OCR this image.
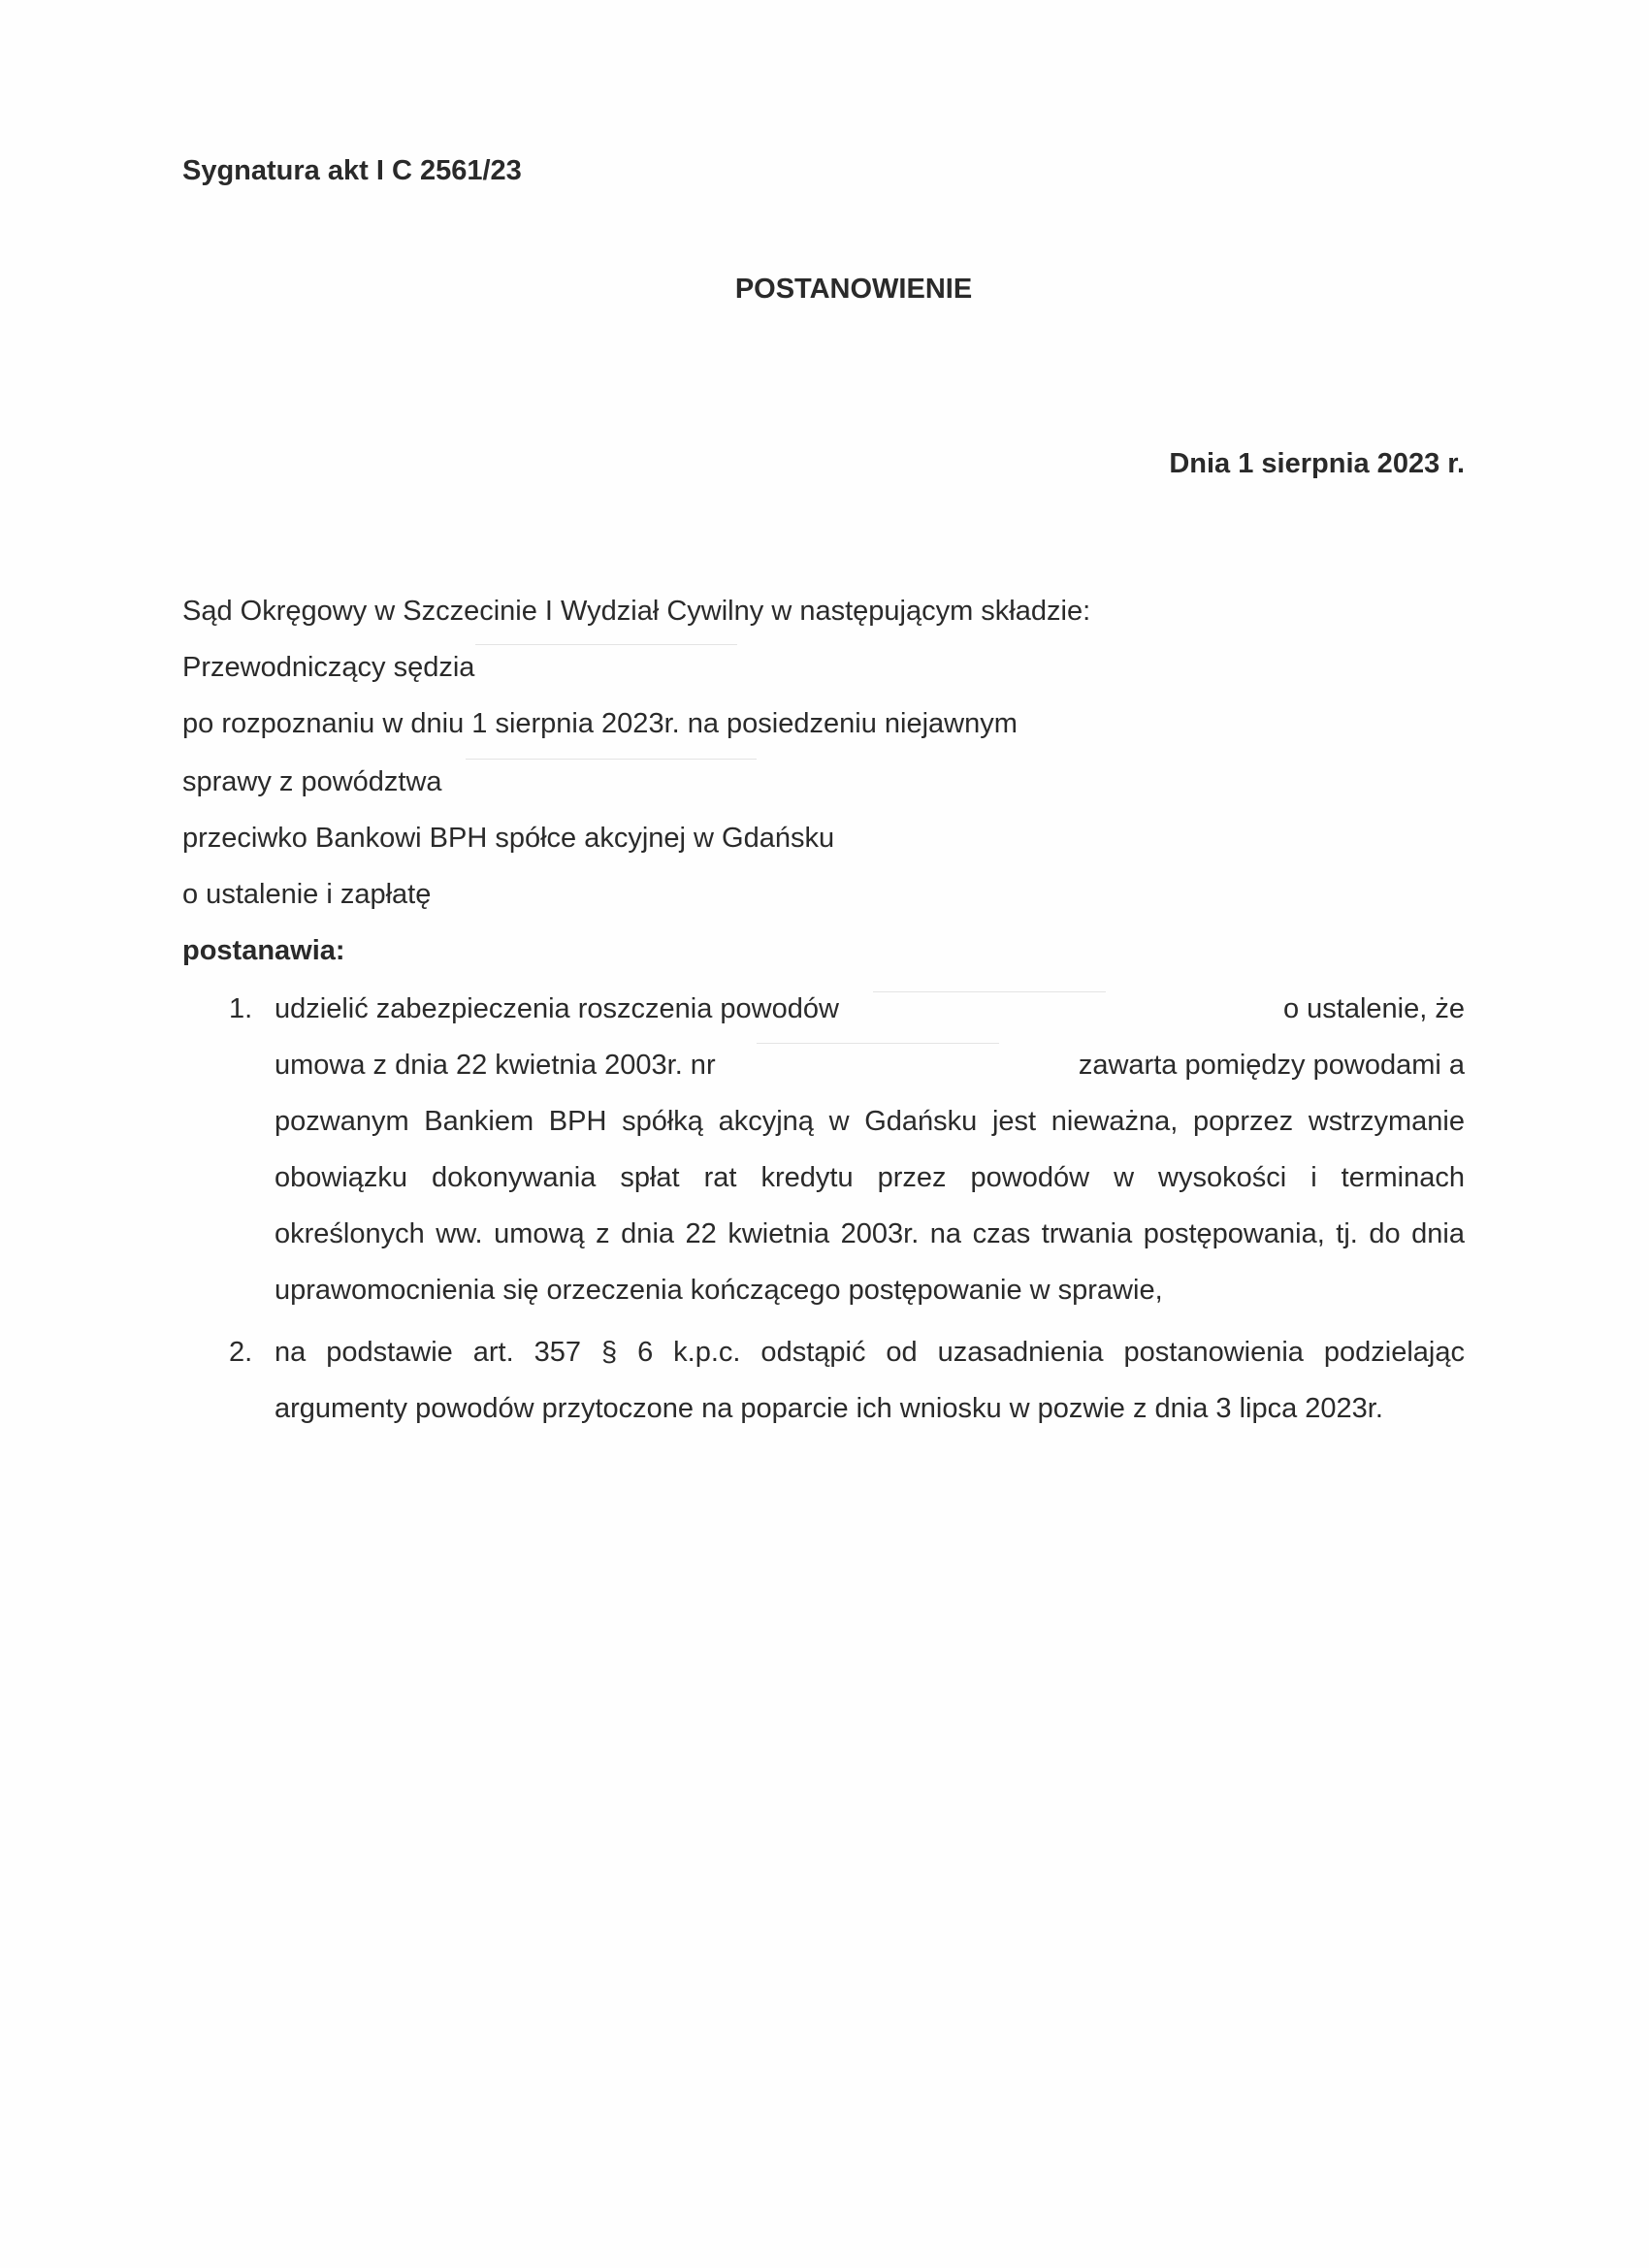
Sygnatura akt I C 2561/23
POSTANOWIENIE
Dnia 1 sierpnia 2023 r.
Sąd Okręgowy w Szczecinie I Wydział Cywilny w następującym składzie:
Przewodniczący sędzia
po rozpoznaniu w dniu 1 sierpnia 2023r. na posiedzeniu niejawnym
sprawy z powództwa
przeciwko Bankowi BPH spółce akcyjnej w Gdańsku
o ustalenie i zapłatę
postanawia:
1. udzielić zabezpieczenia roszczenia powodów	o ustalenie, że
umowa z dnia 22 kwietnia 2003r. nr	zawarta pomiędzy powodami a
pozwanym Bankiem BPH spółką akcyjną w Gdańsku jest nieważna, poprzez wstrzymanie
obowiązku dokonywania spłat rat kredytu przez powodów w wysokości i terminach
określonych ww. umową z dnia 22 kwietnia 2003r. na czas trwania postępowania, tj. do dnia
uprawomocnienia się orzeczenia kończącego postępowanie w sprawie,
2. na podstawie art. 357 § 6 k.p.c. odstąpić od uzasadnienia postanowienia podzielając
argumenty powodów przytoczone na poparcie ich wniosku w pozwie z dnia 3 lipca 2023r.
